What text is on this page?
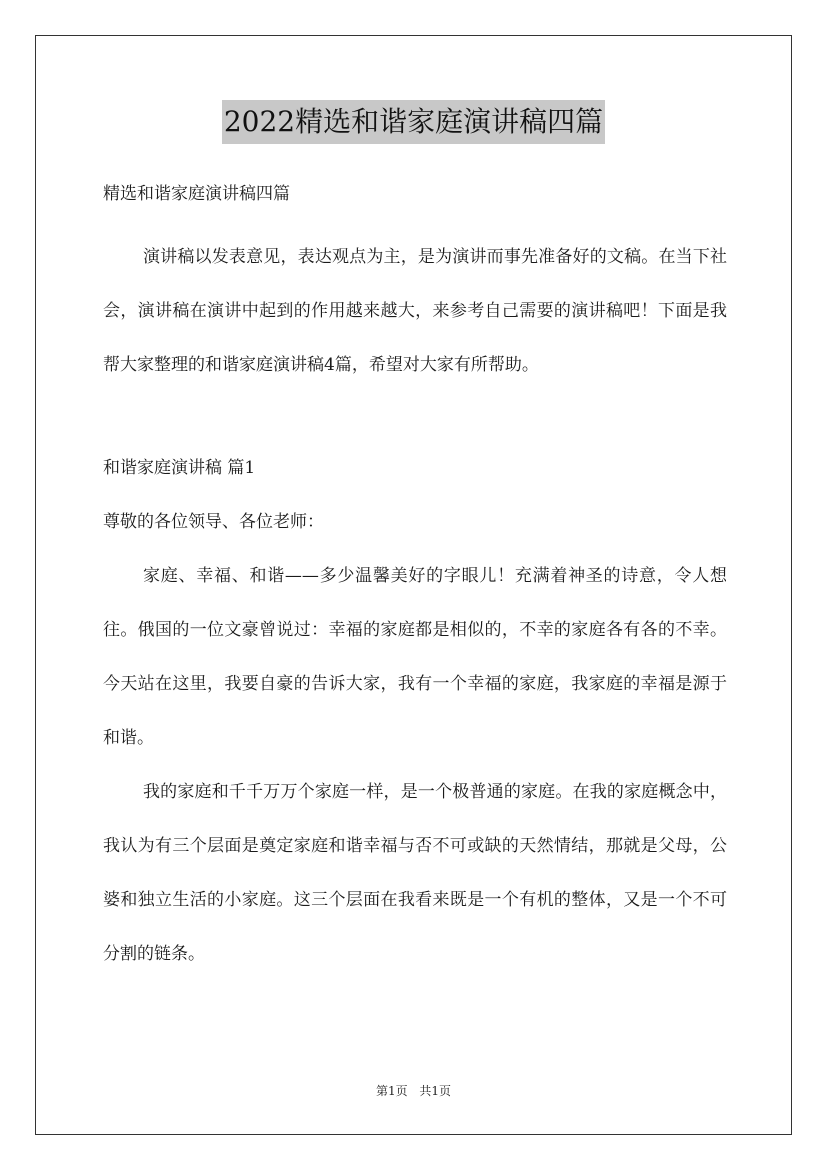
2022精选和谐家庭演讲稿四篇

精选和谐家庭演讲稿四篇

演讲稿以发表意见，表达观点为主，是为演讲而事先准备好的文稿。在当下社会，演讲稿在演讲中起到的作用越来越大，来参考自己需要的演讲稿吧！下面是我帮大家整理的和谐家庭演讲稿4篇，希望对大家有所帮助。

和谐家庭演讲稿 篇1

尊敬的各位领导、各位老师：

家庭、幸福、和谐——多少温馨美好的字眼儿！充满着神圣的诗意，令人想往。俄国的一位文豪曾说过：幸福的家庭都是相似的，不幸的家庭各有各的不幸。今天站在这里，我要自豪的告诉大家，我有一个幸福的家庭，我家庭的幸福是源于和谐。

我的家庭和千千万万个家庭一样，是一个极普通的家庭。在我的家庭概念中，我认为有三个层面是奠定家庭和谐幸福与否不可或缺的天然情结，那就是父母，公婆和独立生活的小家庭。这三个层面在我看来既是一个有机的整体，又是一个不可分割的链条。

第1页 共1页
